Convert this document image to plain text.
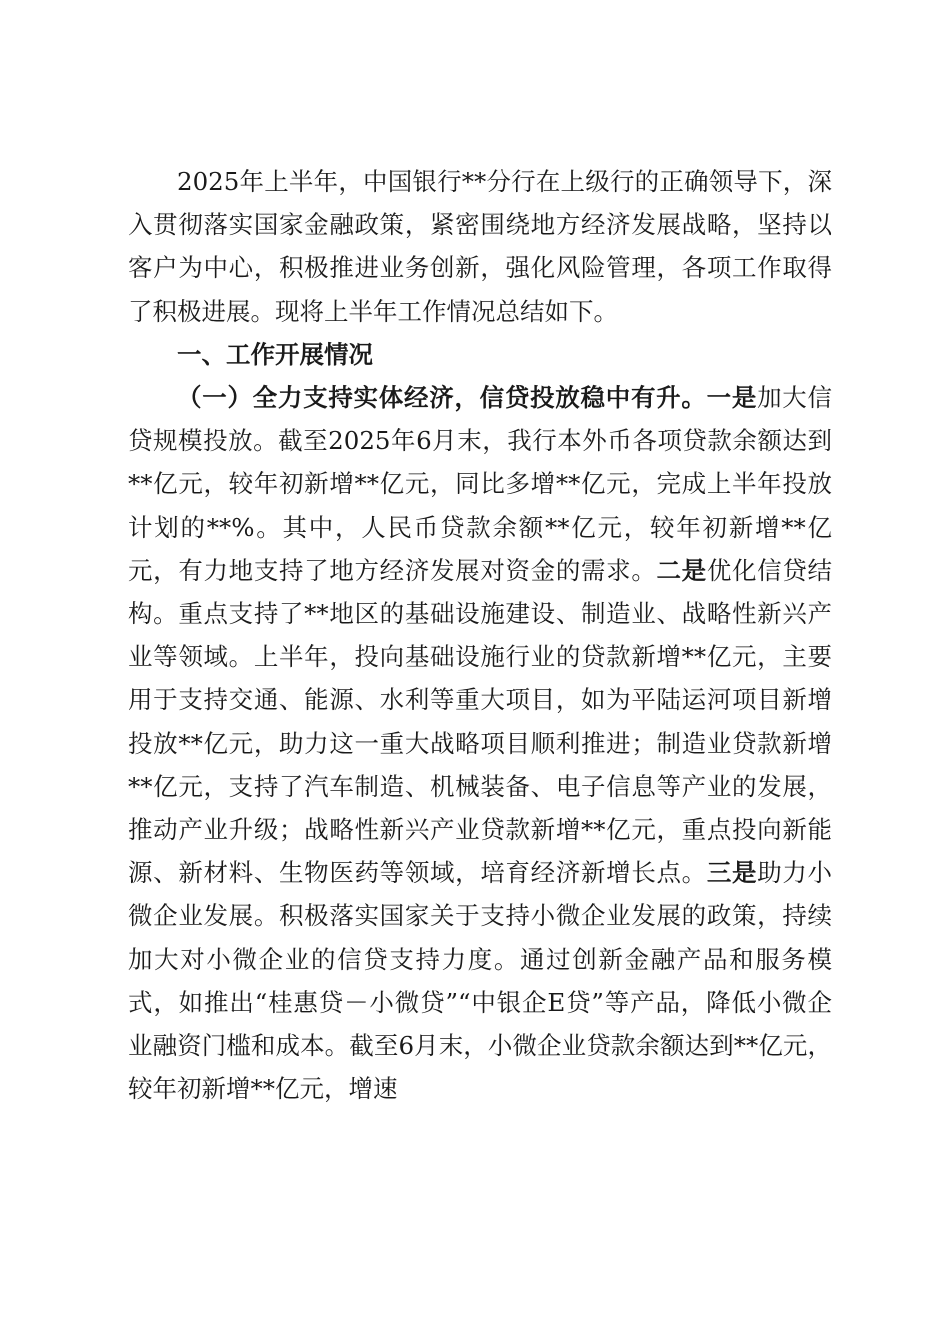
2025年上半年，中国银行**分行在上级行的正确领导下，深入贯彻落实国家金融政策，紧密围绕地方经济发展战略，坚持以客户为中心，积极推进业务创新，强化风险管理，各项工作取得了积极进展。现将上半年工作情况总结如下。

一、工作开展情况

（一）全力支持实体经济，信贷投放稳中有升。一是加大信贷规模投放。截至2025年6月末，我行本外币各项贷款余额达到**亿元，较年初新增**亿元，同比多增**亿元，完成上半年投放计划的**%。其中，人民币贷款余额**亿元，较年初新增**亿元，有力地支持了地方经济发展对资金的需求。二是优化信贷结构。重点支持了**地区的基础设施建设、制造业、战略性新兴产业等领域。上半年，投向基础设施行业的贷款新增**亿元，主要用于支持交通、能源、水利等重大项目，如为平陆运河项目新增投放**亿元，助力这一重大战略项目顺利推进；制造业贷款新增**亿元，支持了汽车制造、机械装备、电子信息等产业的发展，推动产业升级；战略性新兴产业贷款新增**亿元，重点投向新能源、新材料、生物医药等领域，培育经济新增长点。三是助力小微企业发展。积极落实国家关于支持小微企业发展的政策，持续加大对小微企业的信贷支持力度。通过创新金融产品和服务模式，如推出“桂惠贷－小微贷”“中银企E贷”等产品，降低小微企业融资门槛和成本。截至6月末，小微企业贷款余额达到**亿元，较年初新增**亿元，增速
